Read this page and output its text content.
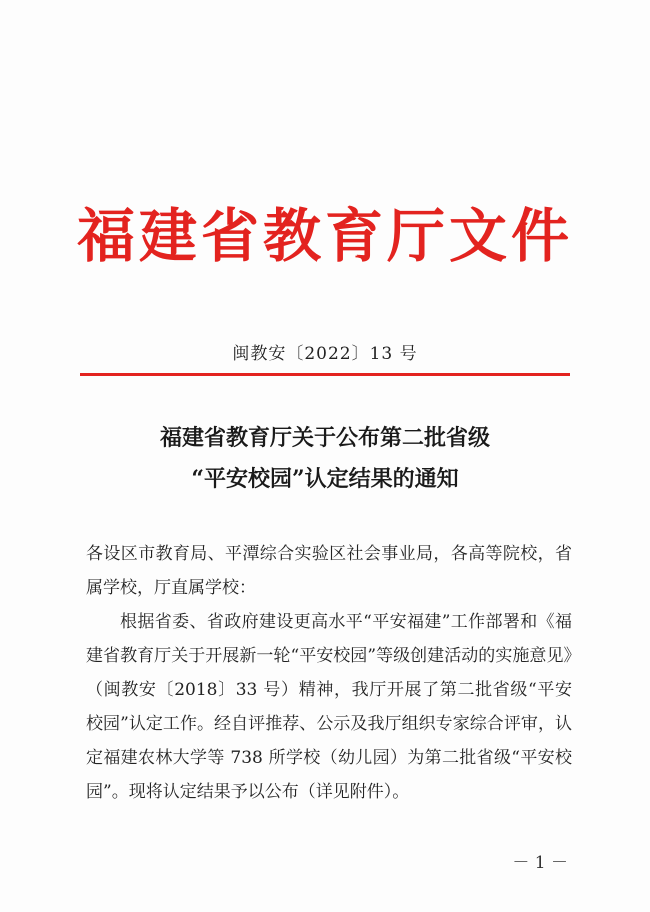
福建省教育厅文件
闽教安〔2022〕13 号
福建省教育厅关于公布第二批省级
“平安校园”认定结果的通知

各设区市教育局、平潭综合实验区社会事业局，各高等院校，省属学校，厅直属学校：

根据省委、省政府建设更高水平“平安福建”工作部署和《福建省教育厅关于开展新一轮“平安校园”等级创建活动的实施意见》（闽教安〔2018〕33 号）精神，我厅开展了第二批省级“平安校园”认定工作。经自评推荐、公示及我厅组织专家综合评审，认定福建农林大学等 738 所学校（幼儿园）为第二批省级“平安校园”。现将认定结果予以公布（详见附件）。

－ 1 －
